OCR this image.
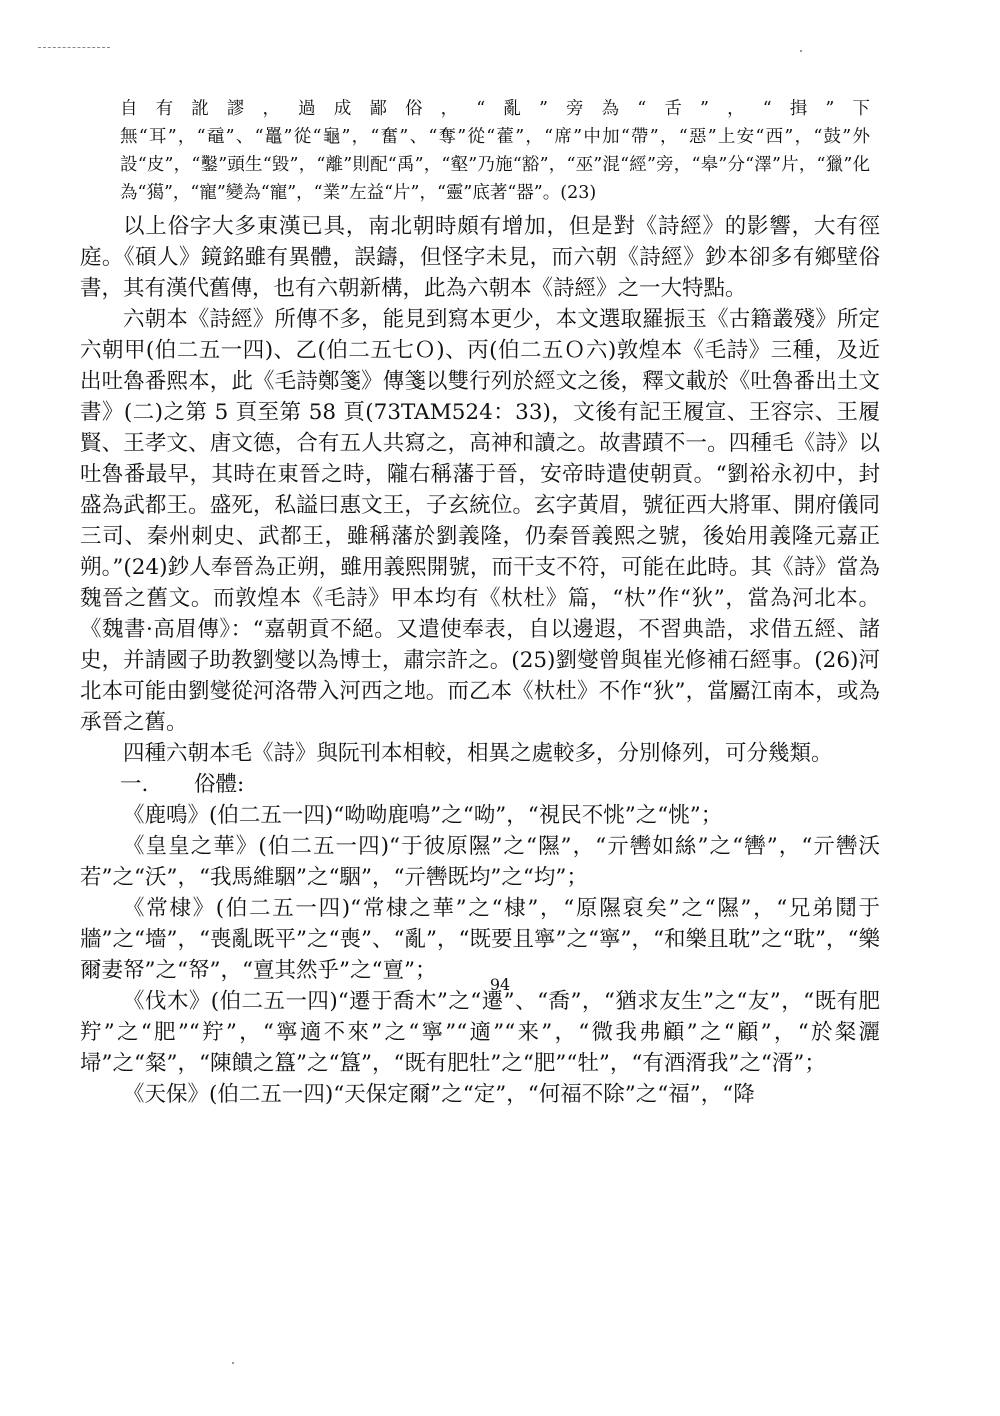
自有訛謬，過成鄙俗，“亂”旁為“舌”，“揖”下無“耳”，“黿”、“鼉”從“龜”，“奮”、“奪”從“藿”，“席”中加“帶”，“惡”上安“西”，“鼓”外設“皮”，“鑿”頭生“毀”，“離”則配“禹”，“壑”乃施“豁”，“巫”混“經”旁，“皋”分“澤”片，“獵”化為“獦”，“寵”變為“寵”，“業”左益“片”，“靈”底著“器”。(23)

以上俗字大多東漢已具，南北朝時頗有增加，但是對《詩經》的影響，大有徑庭。《碩人》鏡銘雖有異體，誤鑄，但怪字未見，而六朝《詩經》鈔本卻多有鄉壁俗書，其有漢代舊傳，也有六朝新構，此為六朝本《詩經》之一大特點。

六朝本《詩經》所傳不多，能見到寫本更少，本文選取羅振玉《古籍叢殘》所定六朝甲(伯二五一四)、乙(伯二五七Ｏ)、丙(伯二五Ｏ六)敦煌本《毛詩》三種，及近出吐魯番熙本，此《毛詩鄭箋》傳箋以雙行列於經文之後，釋文載於《吐魯番出土文書》(二)之第 5 頁至第 58 頁(73TAM524：33)，文後有記王履宣、王容宗、王履賢、王孝文、唐文德，合有五人共寫之，高神和讀之。故書蹟不一。四種毛《詩》以吐魯番最早，其時在東晉之時，隴右稱藩于晉，安帝時遣使朝貢。“劉裕永初中，封盛為武都王。盛死，私謚曰惠文王，子玄統位。玄字黃眉，號征西大將軍、開府儀同三司、秦州刺史、武都王，雖稱藩於劉義隆，仍秦晉義熙之號，後始用義隆元嘉正朔。”(24)鈔人奉晉為正朔，雖用義熙開號，而干支不符，可能在此時。其《詩》當為魏晉之舊文。而敦煌本《毛詩》甲本均有《杕杜》篇，“杕”作“狄”，當為河北本。《魏書·高眉傳》：“嘉朝貢不絕。又遣使奉表，自以邊遐，不習典誥，求借五經、諸史，并請國子助教劉燮以為博士，肅宗許之。(25)劉燮曾與崔光修補石經事。(26)河北本可能由劉燮從河洛帶入河西之地。而乙本《杕杜》不作“狄”，當屬江南本，或為承晉之舊。

四種六朝本毛《詩》與阮刊本相較，相異之處較多，分別條列，可分幾類。

一. 俗體:

《鹿鳴》(伯二五一四)“呦呦鹿鳴”之“呦”，“視民不恌”之“恌”；

《皇皇之華》(伯二五一四)“于彼原隰”之“隰”，“亓轡如絲”之“轡”，“亓轡沃若”之“沃”，“我馬維駰”之“駰”，“亓轡既均”之“均”；

《常棣》(伯二五一四)“常棣之華”之“棣”，“原隰裒矣”之“隰”，“兄弟鬩于牆”之“墻”，“喪亂既平”之“喪”、“亂”，“既要且寧”之“寧”，“和樂且耽”之“耽”，“樂爾妻帑”之“帑”，“亶其然乎”之“亶”；

《伐木》(伯二五一四)“遷于喬木”之“遷”、“喬”，“猶求友生”之“友”，“既有肥羜”之“肥”“羜”，“寧適不來”之“寧”“適”“来”，“微我弗顧”之“顧”，“於粲灑埽”之“粲”，“陳饋之簋”之“簋”，“既有肥牡”之“肥”“牡”，“有酒湑我”之“湑”；

《天保》(伯二五一四)“天保定爾”之“定”，“何福不除”之“福”，“降

94
